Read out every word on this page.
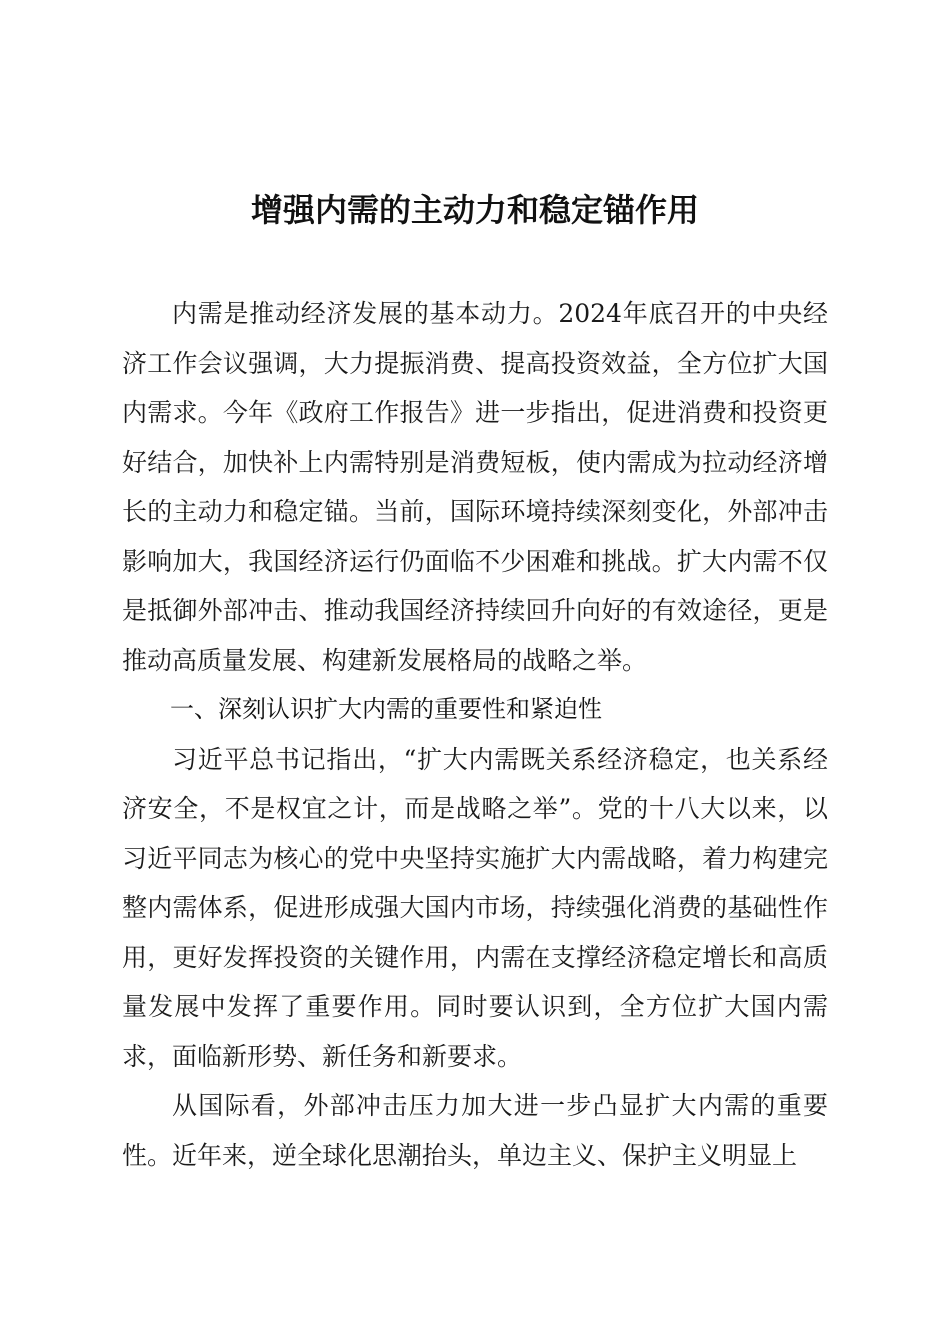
增强内需的主动力和稳定锚作用

内需是推动经济发展的基本动力。2024年底召开的中央经济工作会议强调，大力提振消费、提高投资效益，全方位扩大国内需求。今年《政府工作报告》进一步指出，促进消费和投资更好结合，加快补上内需特别是消费短板，使内需成为拉动经济增长的主动力和稳定锚。当前，国际环境持续深刻变化，外部冲击影响加大，我国经济运行仍面临不少困难和挑战。扩大内需不仅是抵御外部冲击、推动我国经济持续回升向好的有效途径，更是推动高质量发展、构建新发展格局的战略之举。

一、深刻认识扩大内需的重要性和紧迫性

习近平总书记指出，“扩大内需既关系经济稳定，也关系经济安全，不是权宜之计，而是战略之举”。党的十八大以来，以习近平同志为核心的党中央坚持实施扩大内需战略，着力构建完整内需体系，促进形成强大国内市场，持续强化消费的基础性作用，更好发挥投资的关键作用，内需在支撑经济稳定增长和高质量发展中发挥了重要作用。同时要认识到，全方位扩大国内需求，面临新形势、新任务和新要求。

从国际看，外部冲击压力加大进一步凸显扩大内需的重要性。近年来，逆全球化思潮抬头，单边主义、保护主义明显上
